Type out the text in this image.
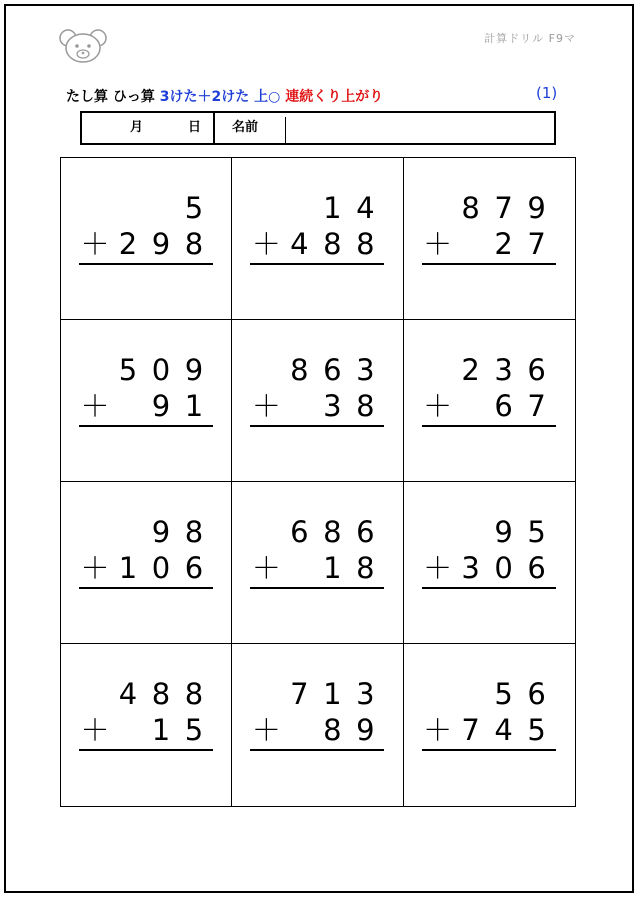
計算ドリル F9マ
たし算 ひっ算 3けた＋2けた 上○ 連続くり上がり	(1)
月	日 名前
5
＋ 2 9 8
1 4
＋ 4 8 8
8 7 9
＋ 2 7
5 0 9
＋ 9 1
8 6 3
＋ 3 8
2 3 6
＋ 6 7
9 8
＋ 1 0 6
6 8 6
＋ 1 8
9 5
＋ 3 0 6
4 8 8
＋ 1 5
7 1 3
＋ 8 9
5 6
＋ 7 4 5
